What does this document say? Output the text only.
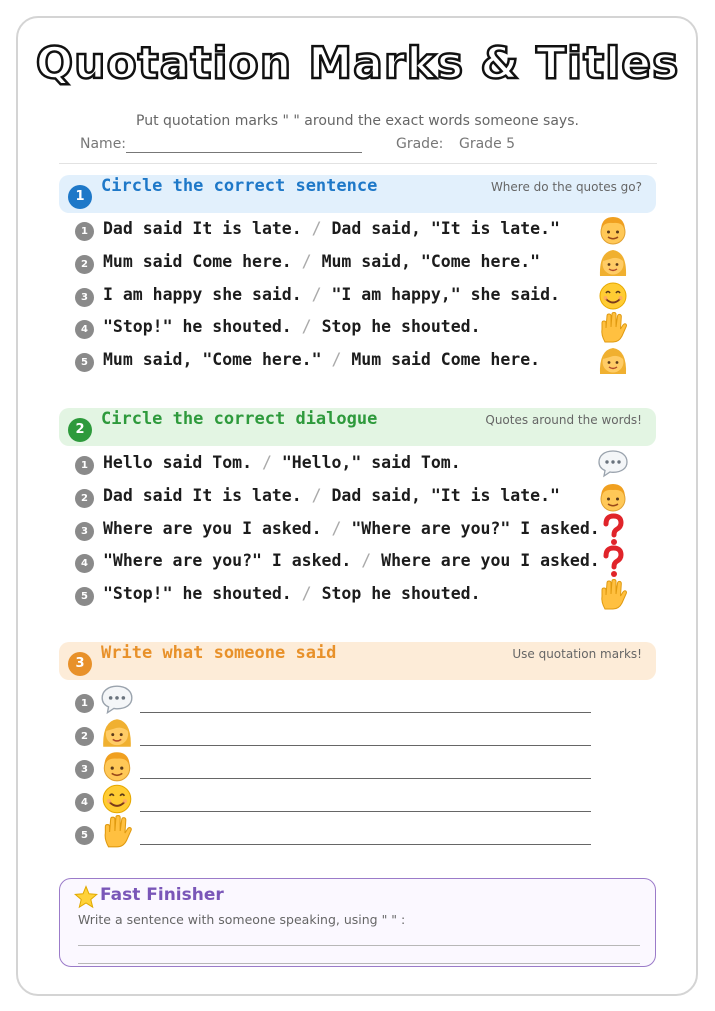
Quotation Marks & Titles
Put quotation marks " " around the exact words someone says.
Name:	Grade: Grade 5
1
Circle the correct sentence	Where do the quotes go?
1 Dad said It is late. / Dad said, "It is late."
2 Mum said Come here. / Mum said, "Come here."
3 I am happy she said. / "I am happy," she said.
4 "Stop!" he shouted. / Stop he shouted.
5 Mum said, "Come here." / Mum said Come here.
2
Circle the correct dialogue	Quotes around the words!
1 Hello said Tom. / "Hello," said Tom.
2 Dad said It is late. / Dad said, "It is late."
3 Where are you I asked. / "Where are you?" I asked.
4 "Where are you?" I asked. / Where are you I asked.
5 "Stop!" he shouted. / Stop he shouted.
3
Write what someone said	Use quotation marks!
1
2
3
4
5
Fast Finisher
Write a sentence with someone speaking, using " " :
